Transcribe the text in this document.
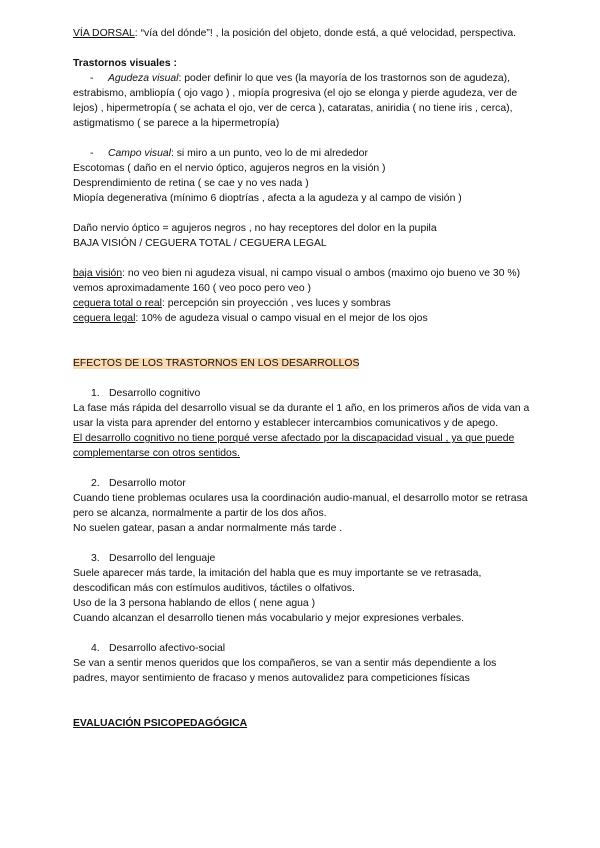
VÍA DORSAL: “vía del dónde”! , la posición del objeto, donde está, a qué velocidad, perspectiva.

Trastornos visuales :

- Agudeza visual: poder definir lo que ves (la mayoría de los trastornos son de agudeza),

estrabismo, ambliopía ( ojo vago ) , miopía progresiva (el ojo se elonga y pierde agudeza, ver de lejos) , hipermetropía ( se achata el ojo, ver de cerca ), cataratas, aniridia ( no tiene iris , cerca),

astigmatismo ( se parece a la hipermetropía)

- Campo visual: si miro a un punto, veo lo de mi alrededor

Escotomas ( daño en el nervio óptico, agujeros negros en la visión )

Desprendimiento de retina ( se cae y no ves nada )

Miopía degenerativa (mínimo 6 dioptrías , afecta a la agudeza y al campo de visión )

Daño nervio óptico = agujeros negros , no hay receptores del dolor en la pupila

BAJA VISIÓN / CEGUERA TOTAL / CEGUERA LEGAL

baja visión: no veo bien ni agudeza visual, ni campo visual o ambos (maximo ojo bueno ve 30 %) vemos aproximadamente 160 ( veo poco pero veo )

ceguera total o real: percepción sin proyección , ves luces y sombras

ceguera legal: 10% de agudeza visual o campo visual en el mejor de los ojos

EFECTOS DE LOS TRASTORNOS EN LOS DESARROLLOS

1. Desarrollo cognitivo

La fase más rápida del desarrollo visual se da durante el 1 año, en los primeros años de vida van a usar la vista para aprender del entorno y establecer intercambios comunicativos y de apego.

El desarrollo cognitivo no tiene porqué verse afectado por la discapacidad visual , ya que puede complementarse con otros sentidos.

2. Desarrollo motor

Cuando tiene problemas oculares usa la coordinación audio-manual, el desarrollo motor se retrasa pero se alcanza, normalmente a partir de los dos años.

No suelen gatear, pasan a andar normalmente más tarde .

3. Desarrollo del lenguaje

Suele aparecer más tarde, la imitación del habla que es muy importante se ve retrasada, descodifican más con estímulos auditivos, táctiles o olfativos.

Uso de la 3 persona hablando de ellos ( nene agua )

Cuando alcanzan el desarrollo tienen más vocabulario y mejor expresiones verbales.

4. Desarrollo afectivo-social

Se van a sentir menos queridos que los compañeros, se van a sentir más dependiente a los padres, mayor sentimiento de fracaso y menos autovalidez para competiciones físicas

EVALUACIÓN PSICOPEDAGÓGICA
